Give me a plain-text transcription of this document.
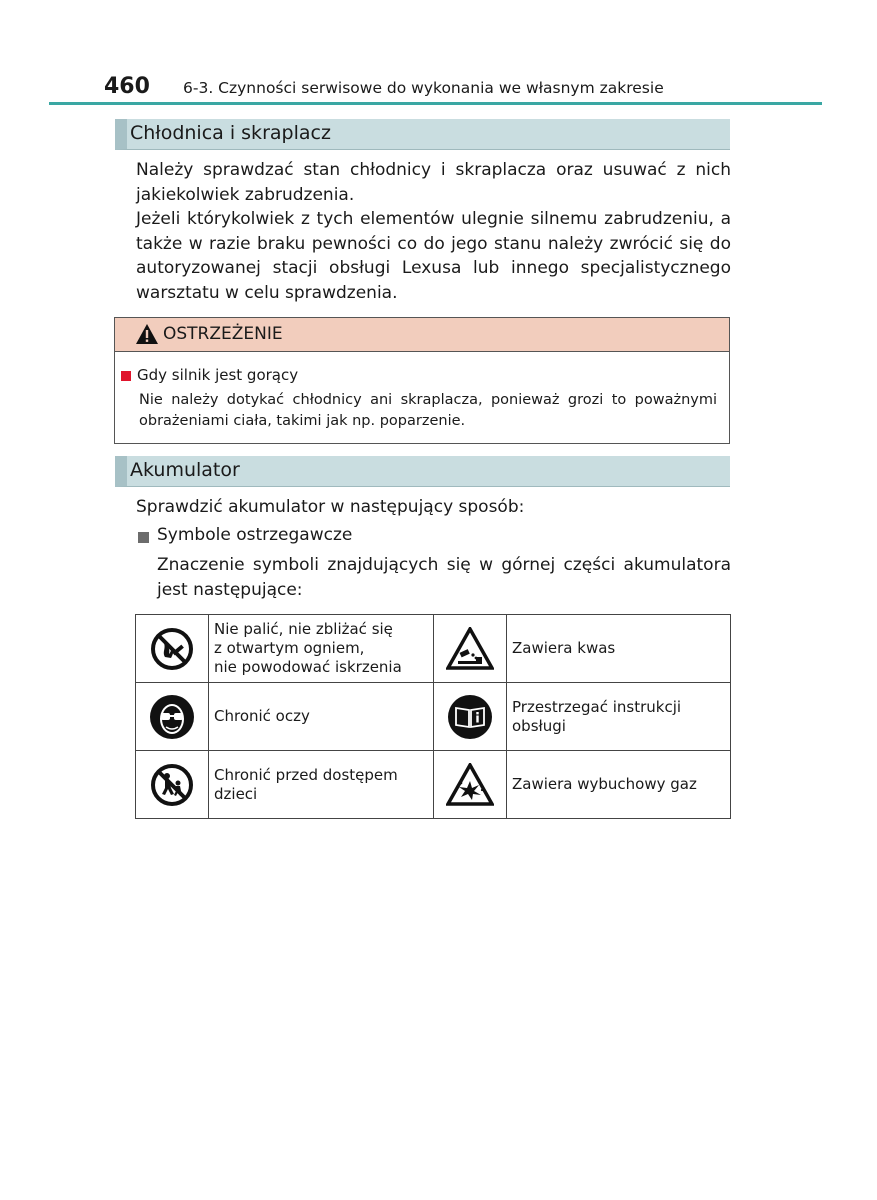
460 6-3. Czynności serwisowe do wykonania we własnym zakresie
Chłodnica i skraplacz
Należy sprawdzać stan chłodnicy i skraplacza oraz usuwać z nich jakiekolwiek zabrudzenia.
Jeżeli którykolwiek z tych elementów ulegnie silnemu zabrudzeniu, a także w razie braku pewności co do jego stanu należy zwrócić się do autoryzowanej stacji obsługi Lexusa lub innego specjalistycznego warsztatu w celu sprawdzenia.
OSTRZEŻENIE
Gdy silnik jest gorący
Nie należy dotykać chłodnicy ani skraplacza, ponieważ grozi to poważnymi obrażeniami ciała, takimi jak np. poparzenie.
Akumulator
Sprawdzić akumulator w następujący sposób:
Symbole ostrzegawcze
Znaczenie symboli znajdujących się w górnej części akumulatora jest następujące:

Nie palić, nie zbliżać się
z otwartym ogniem,
nie powodować iskrzenia		Zawiera kwas

	Chronić oczy		Przestrzegać instrukcji obsługi

	Chronić przed dostępem dzieci		Zawiera wybuchowy gaz
